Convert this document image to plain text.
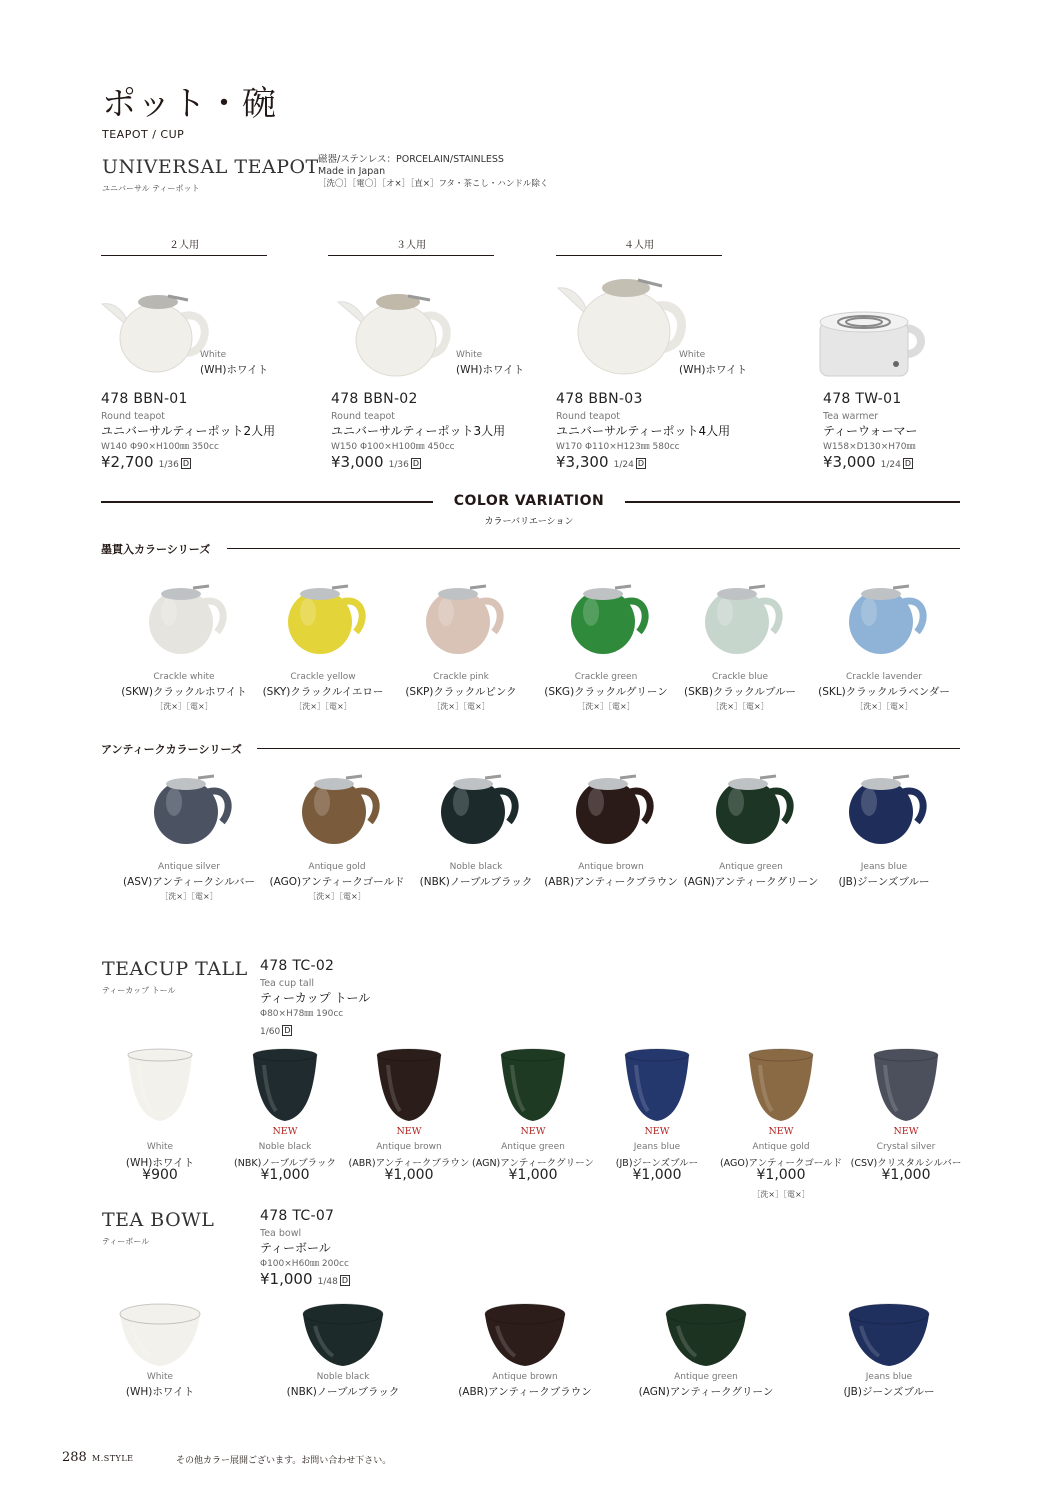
ポット・碗
TEAPOT / CUP
UNIVERSAL TEAPOT
ユニバーサル ティーポット
磁器/ステンレス：PORCELAIN/STAINLESS
Made in Japan
［洗〇］［電〇］［オ×］［直×］フタ・茶こし・ハンドル除く
２人用	３人用	４人用
White
(WH)ホワイト
White
(WH)ホワイト
White
(WH)ホワイト
478 BBN-01
Round teapot
ユニバーサルティーポット2人用
W140 Φ90×H100㎜ 350cc
¥2,700 1/36 D
478 BBN-02
Round teapot
ユニバーサルティーポット3人用
W150 Φ100×H100㎜ 450cc
¥3,000 1/36 D
478 BBN-03
Round teapot
ユニバーサルティーポット4人用
W170 Φ110×H123㎜ 580cc
¥3,300 1/24 D
478 TW-01
Tea warmer
ティーウォーマー
W158×D130×H70㎜
¥3,000 1/24 D
COLOR VARIATION
カラーバリエーション
墨貫入カラーシリーズ
Crackle white
(SKW)クラックルホワイト
［洗×］［電×］
Crackle yellow
(SKY)クラックルイエロー
［洗×］［電×］
Crackle pink
(SKP)クラックルピンク
［洗×］［電×］
Crackle green
(SKG)クラックルグリーン
［洗×］［電×］
Crackle blue
(SKB)クラックルブルー
［洗×］［電×］
Crackle lavender
(SKL)クラックルラベンダー
［洗×］［電×］
アンティークカラーシリーズ
Antique silver
(ASV)アンティークシルバー
［洗×］［電×］
Antique gold
(AGO)アンティークゴールド
［洗×］［電×］
Noble black
(NBK)ノーブルブラック
Antique brown
(ABR)アンティークブラウン
Antique green
(AGN)アンティークグリーン
Jeans blue
(JB)ジーンズブルー
TEACUP TALL
ティーカップ トール
478 TC-02
Tea cup tall
ティーカップ トール
Φ80×H78㎜ 190cc
1/60 D
White
(WH)ホワイト
¥900
NEW
Noble black
(NBK)ノーブルブラック
¥1,000
NEW
Antique brown
(ABR)アンティークブラウン
¥1,000
NEW
Antique green
(AGN)アンティークグリーン
¥1,000
NEW
Jeans blue
(JB)ジーンズブルー
¥1,000
NEW
Antique gold
(AGO)アンティークゴールド
¥1,000
［洗×］［電×］
NEW
Crystal silver
(CSV)クリスタルシルバー
¥1,000
TEA BOWL
ティーボール
478 TC-07
Tea bowl
ティーボール
Φ100×H60㎜ 200cc
¥1,000 1/48 D
White
(WH)ホワイト
Noble black
(NBK)ノーブルブラック
Antique brown
(ABR)アンティークブラウン
Antique green
(AGN)アンティークグリーン
Jeans blue
(JB)ジーンズブルー
288 M.STYLE	その他カラー展開ございます。お問い合わせ下さい。
